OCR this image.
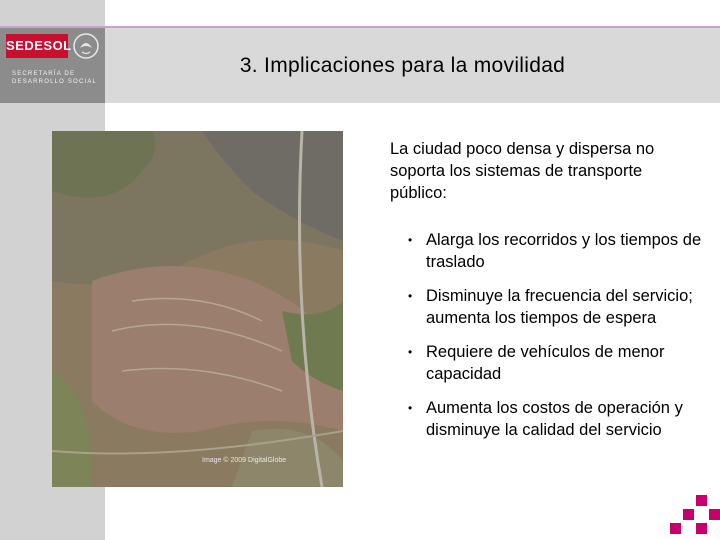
SEDESOL
SECRETARÍA DE DESARROLLO SOCIAL
3. Implicaciones para la movilidad
Image © 2009 DigitalGlobe
La ciudad poco densa y dispersa no soporta los sistemas de transporte público:
• Alarga los recorridos y los tiempos de traslado
• Disminuye la frecuencia del servicio; aumenta los tiempos de espera
• Requiere de vehículos de menor capacidad
• Aumenta los costos de operación y disminuye la calidad del servicio
